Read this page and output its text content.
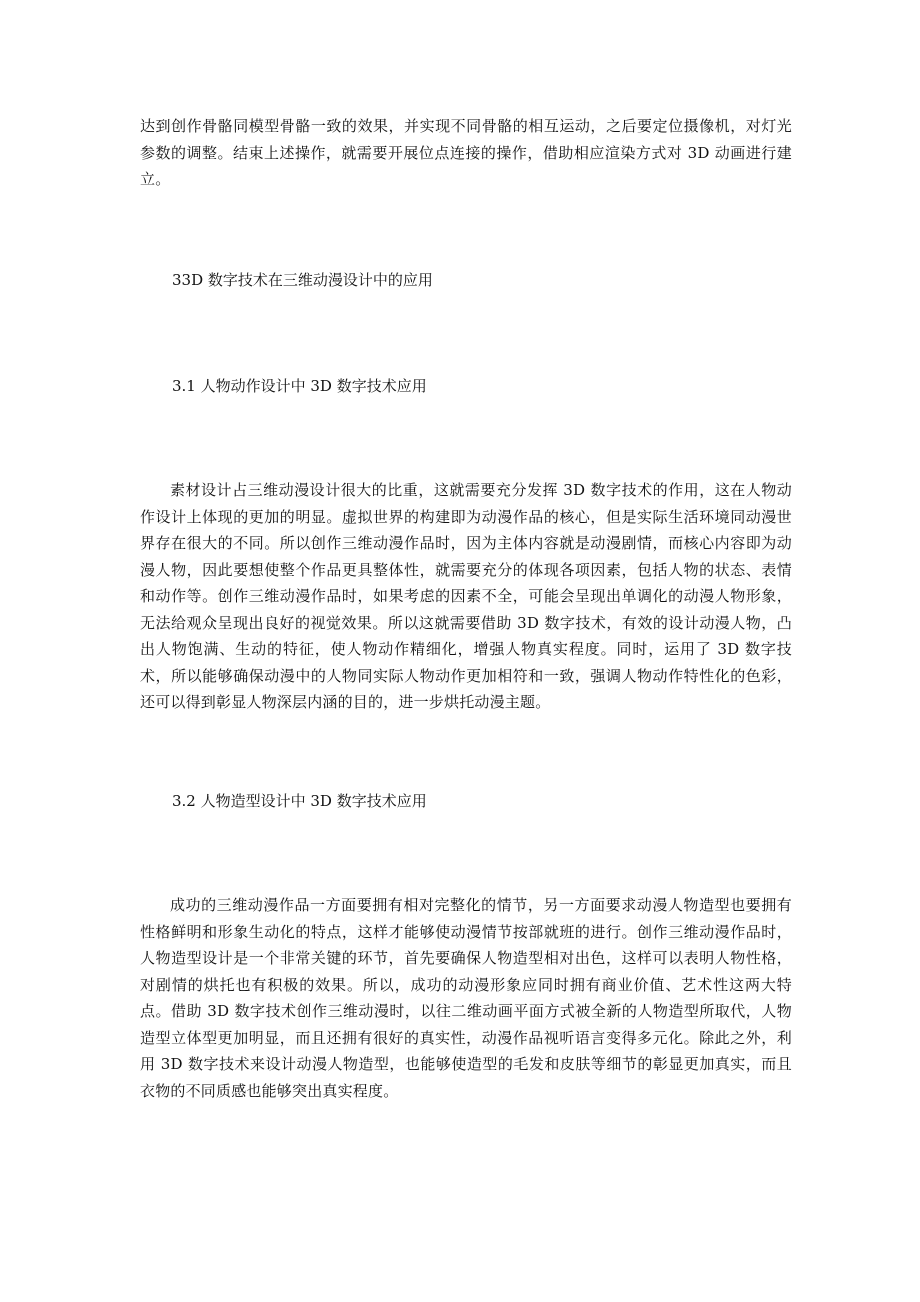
达到创作骨骼同模型骨骼一致的效果，并实现不同骨骼的相互运动，之后要定位摄像机，对灯光参数的调整。结束上述操作，就需要开展位点连接的操作，借助相应渲染方式对 3D 动画进行建立。

33D 数字技术在三维动漫设计中的应用
3.1 人物动作设计中 3D 数字技术应用

素材设计占三维动漫设计很大的比重，这就需要充分发挥 3D 数字技术的作用，这在人物动作设计上体现的更加的明显。虚拟世界的构建即为动漫作品的核心，但是实际生活环境同动漫世界存在很大的不同。所以创作三维动漫作品时，因为主体内容就是动漫剧情，而核心内容即为动漫人物，因此要想使整个作品更具整体性，就需要充分的体现各项因素，包括人物的状态、表情和动作等。创作三维动漫作品时，如果考虑的因素不全，可能会呈现出单调化的动漫人物形象，无法给观众呈现出良好的视觉效果。所以这就需要借助 3D 数字技术，有效的设计动漫人物，凸出人物饱满、生动的特征，使人物动作精细化，增强人物真实程度。同时，运用了 3D 数字技术，所以能够确保动漫中的人物同实际人物动作更加相符和一致，强调人物动作特性化的色彩，还可以得到彰显人物深层内涵的目的，进一步烘托动漫主题。

3.2 人物造型设计中 3D 数字技术应用

成功的三维动漫作品一方面要拥有相对完整化的情节，另一方面要求动漫人物造型也要拥有性格鲜明和形象生动化的特点，这样才能够使动漫情节按部就班的进行。创作三维动漫作品时，人物造型设计是一个非常关键的环节，首先要确保人物造型相对出色，这样可以表明人物性格，对剧情的烘托也有积极的效果。所以，成功的动漫形象应同时拥有商业价值、艺术性这两大特点。借助 3D 数字技术创作三维动漫时，以往二维动画平面方式被全新的人物造型所取代，人物造型立体型更加明显，而且还拥有很好的真实性，动漫作品视听语言变得多元化。除此之外，利用 3D 数字技术来设计动漫人物造型，也能够使造型的毛发和皮肤等细节的彰显更加真实，而且衣物的不同质感也能够突出真实程度。
